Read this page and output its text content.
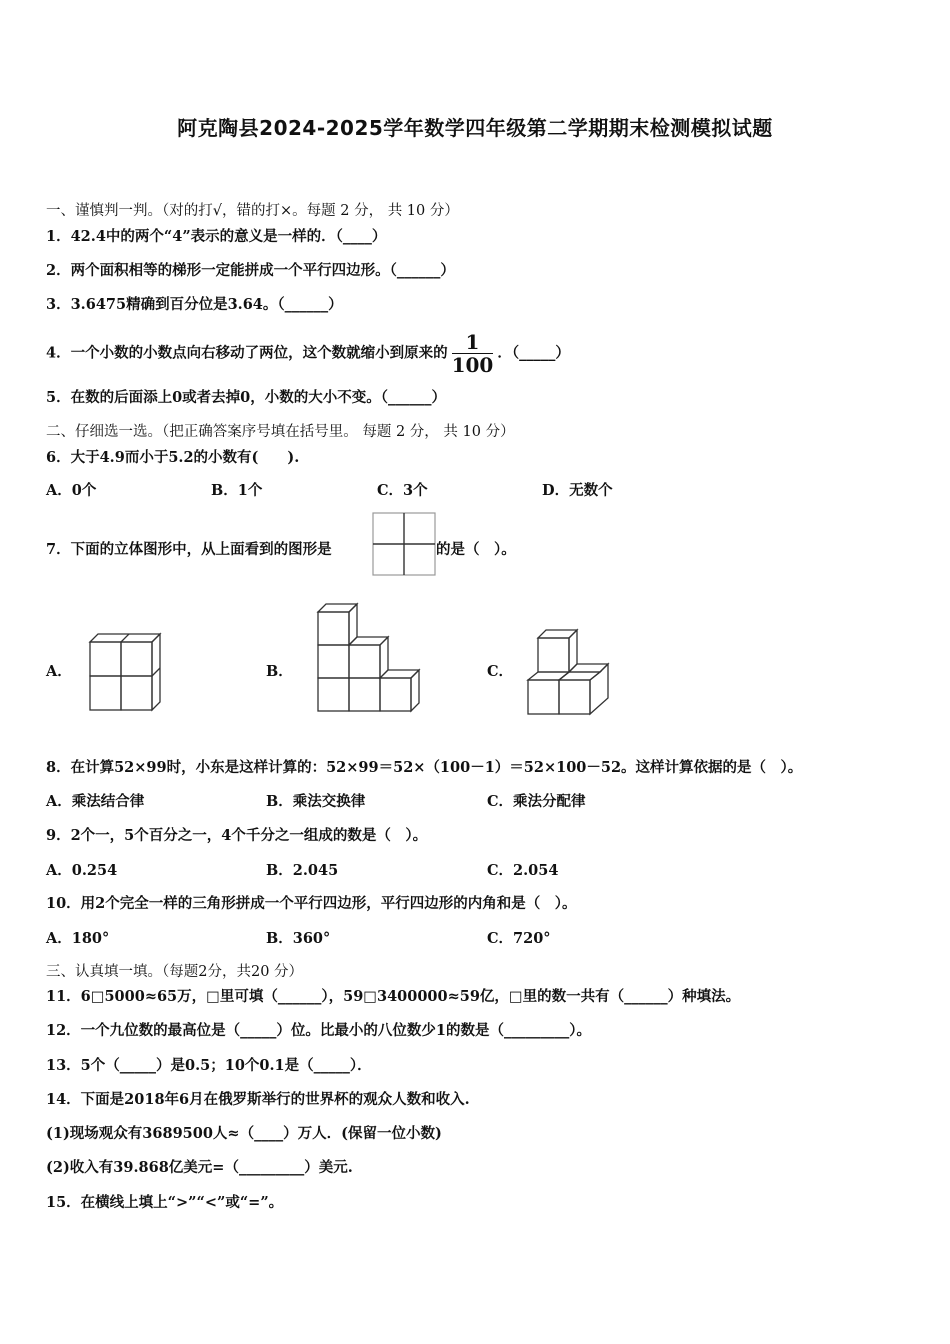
阿克陶县2024-2025学年数学四年级第二学期期末检测模拟试题
一、谨慎判一判。（对的打√，错的打×。每题 2 分， 共 10 分）
1．42.4中的两个“4”表示的意义是一样的．（____）
2．两个面积相等的梯形一定能拼成一个平行四边形。（______）
3．3.6475精确到百分位是3.64。（______）
4．一个小数的小数点向右移动了两位，这个数就缩小到原来的 $\frac{1}{100}$ ．（_____）
5．在数的后面添上0或者去掉0，小数的大小不变。（______）
二、仔细选一选。（把正确答案序号填在括号里。 每题 2 分， 共 10 分）
6．大于4.9而小于5.2的小数有(　　).
A．0个	B．1个	C．3个	D．无数个
7．下面的立体图形中，从上面看到的图形是	的是（　）。
A．	B．	C．
8．在计算52×99时，小东是这样计算的：52×99＝52×（100－1）＝52×100－52。这样计算依据的是（　）。
A．乘法结合律	B．乘法交换律	C．乘法分配律
9．2个一，5个百分之一，4个千分之一组成的数是（　）。
A．0.254	B．2.045	C．2.054
10．用2个完全一样的三角形拼成一个平行四边形，平行四边形的内角和是（　）。
A．180°	B．360°	C．720°
三、认真填一填。（每题2分，共20 分）
11．6□5000≈65万，□里可填（______），59□3400000≈59亿，□里的数一共有（______）种填法。
12．一个九位数的最高位是（_____）位。比最小的八位数少1的数是（_________）。
13．5个（_____）是0.5；10个0.1是（_____）．
14．下面是2018年6月在俄罗斯举行的世界杯的观众人数和收入.
(1)现场观众有3689500人≈（____）万人．(保留一位小数)
(2)收入有39.868亿美元=（_________）美元.
15．在横线上填上“>”“<”或“=”。
